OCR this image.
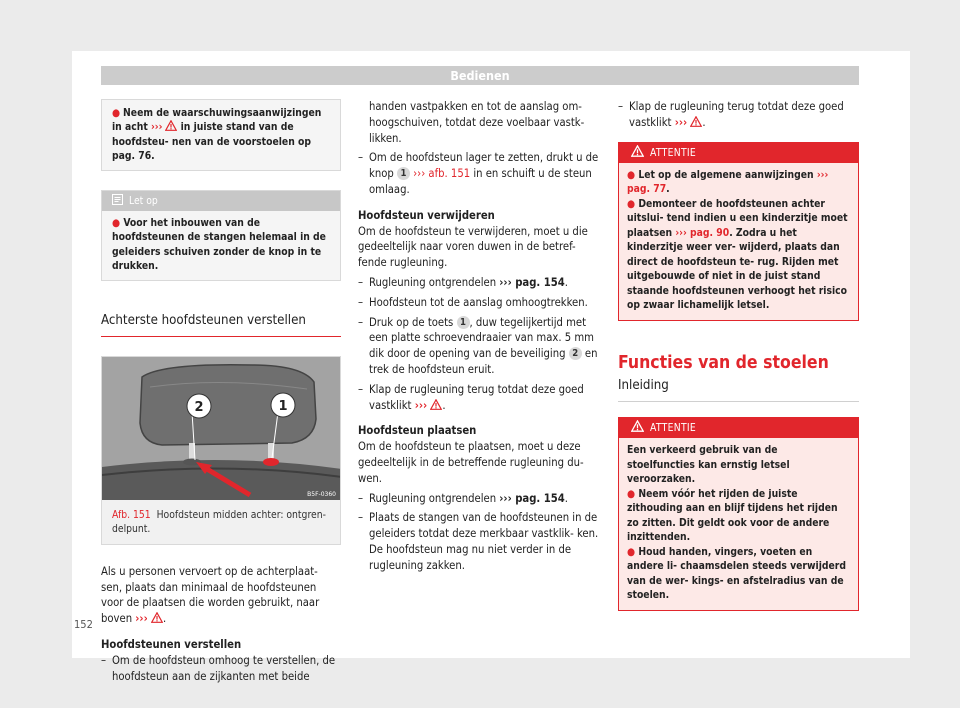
Bedienen
● Neem de waarschuwingsaanwijzingen in acht ›››  in juiste stand van de hoofdsteu- nen van de voorstoelen op pag. 76.
Let op
● Voor het inbouwen van de hoofdsteunen de stangen helemaal in de geleiders schuiven zonder de knop in te drukken.
Achterste hoofdsteunen verstellen
1
2
B5F-0360
Afb. 151 Hoofdsteun midden achter: ontgren- delpunt.
Als u personen vervoert op de achterplaat- sen, plaats dan minimaal de hoofdsteunen voor de plaatsen die worden gebruikt, naar boven ››› .
Hoofdsteunen verstellen
– Om de hoofdsteun omhoog te verstellen, de hoofdsteun aan de zijkanten met beide
handen vastpakken en tot de aanslag om- hoogschuiven, totdat deze voelbaar vastk- likken.
– Om de hoofdsteun lager te zetten, drukt u de knop 1 ››› afb. 151 in en schuift u de steun omlaag.
Hoofdsteun verwijderen
Om de hoofdsteun te verwijderen, moet u die gedeeltelijk naar voren duwen in de betref- fende rugleuning.
– Rugleuning ontgrendelen ››› pag. 154.
– Hoofdsteun tot de aanslag omhoogtrekken.
– Druk op de toets 1 , duw tegelijkertijd met een platte schroevendraaier van max. 5 mm dik door de opening van de beveiliging 2 en trek de hoofdsteun eruit.
– Klap de rugleuning terug totdat deze goed vastklikt ››› .
Hoofdsteun plaatsen
Om de hoofdsteun te plaatsen, moet u deze gedeeltelijk in de betreffende rugleuning du- wen.
– Rugleuning ontgrendelen ››› pag. 154.
– Plaats de stangen van de hoofdsteunen in de geleiders totdat deze merkbaar vastklik- ken. De hoofdsteun mag nu niet verder in de rugleuning zakken.
– Klap de rugleuning terug totdat deze goed vastklikt ››› .
ATTENTIE
● Let op de algemene aanwijzingen ››› pag. 77.
● Demonteer de hoofdsteunen achter uitslui- tend indien u een kinderzitje moet plaatsen ››› pag. 90. Zodra u het kinderzitje weer ver- wijderd, plaats dan direct de hoofdsteun te- rug. Rijden met uitgebouwde of niet in de juist stand staande hoofdsteunen verhoogt het risico op zwaar lichamelijk letsel.
Functies van de stoelen
Inleiding
ATTENTIE
Een verkeerd gebruik van de stoelfuncties kan ernstig letsel veroorzaken.
● Neem vóór het rijden de juiste zithouding aan en blijf tijdens het rijden zo zitten. Dit geldt ook voor de andere inzittenden.
● Houd handen, vingers, voeten en andere li- chaamsdelen steeds verwijderd van de wer- kings- en afstelradius van de stoelen.
152
